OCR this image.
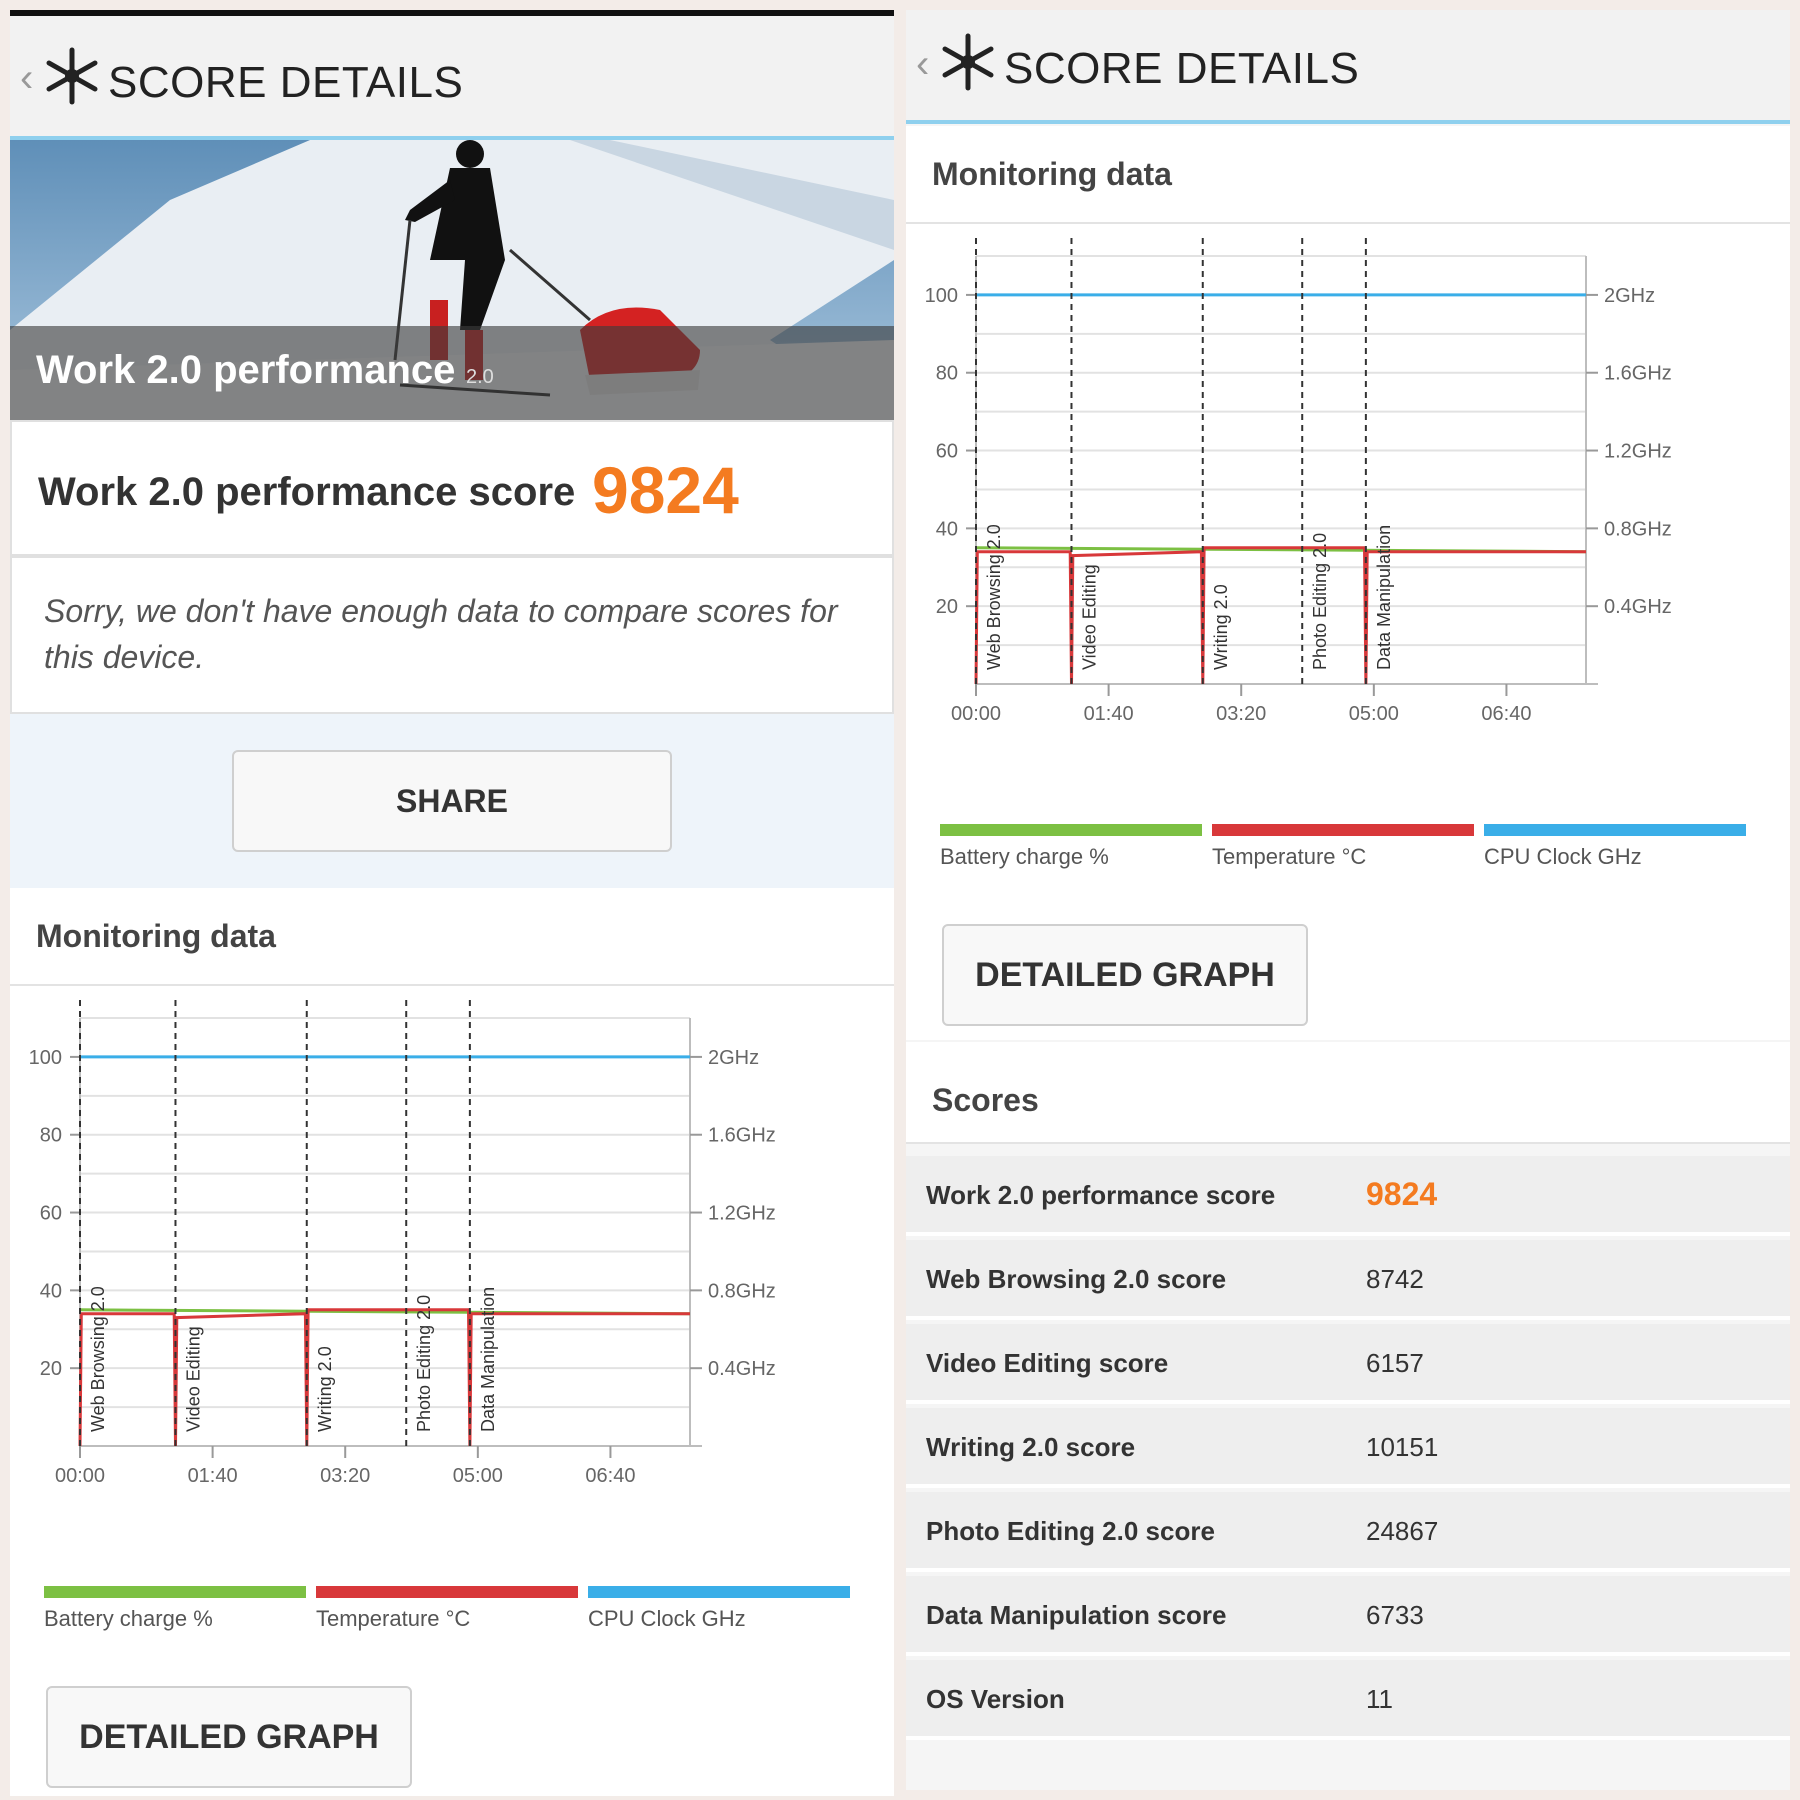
‹ SCORE DETAILS
Work 2.0 performance 2.0
Work 2.0 performance score 9824
Sorry, we don't have enough data to compare scores for this device.
SHARE
Monitoring data
20
40
60
80
100
0.4GHz
0.8GHz
1.2GHz
1.6GHz
2GHz
00:00	01:40	03:20	05:00	06:40
Web Browsing 2.0	Video Editing	Writing 2.0	Photo Editing 2.0 Data Manipulation
Battery charge %	Temperature °C	CPU Clock GHz
DETAILED GRAPH
‹ SCORE DETAILS
Monitoring data
20
40
60
80
100
0.4GHz
0.8GHz
1.2GHz
1.6GHz
2GHz
00:00	01:40	03:20	05:00	06:40
Web Browsing 2.0	Video Editing	Writing 2.0	Photo Editing 2.0 Data Manipulation
Battery charge %	Temperature °C	CPU Clock GHz
DETAILED GRAPH
Scores
Work 2.0 performance score	9824
Web Browsing 2.0 score	8742
Video Editing score	6157
Writing 2.0 score	10151
Photo Editing 2.0 score	24867
Data Manipulation score	6733
OS Version	11
